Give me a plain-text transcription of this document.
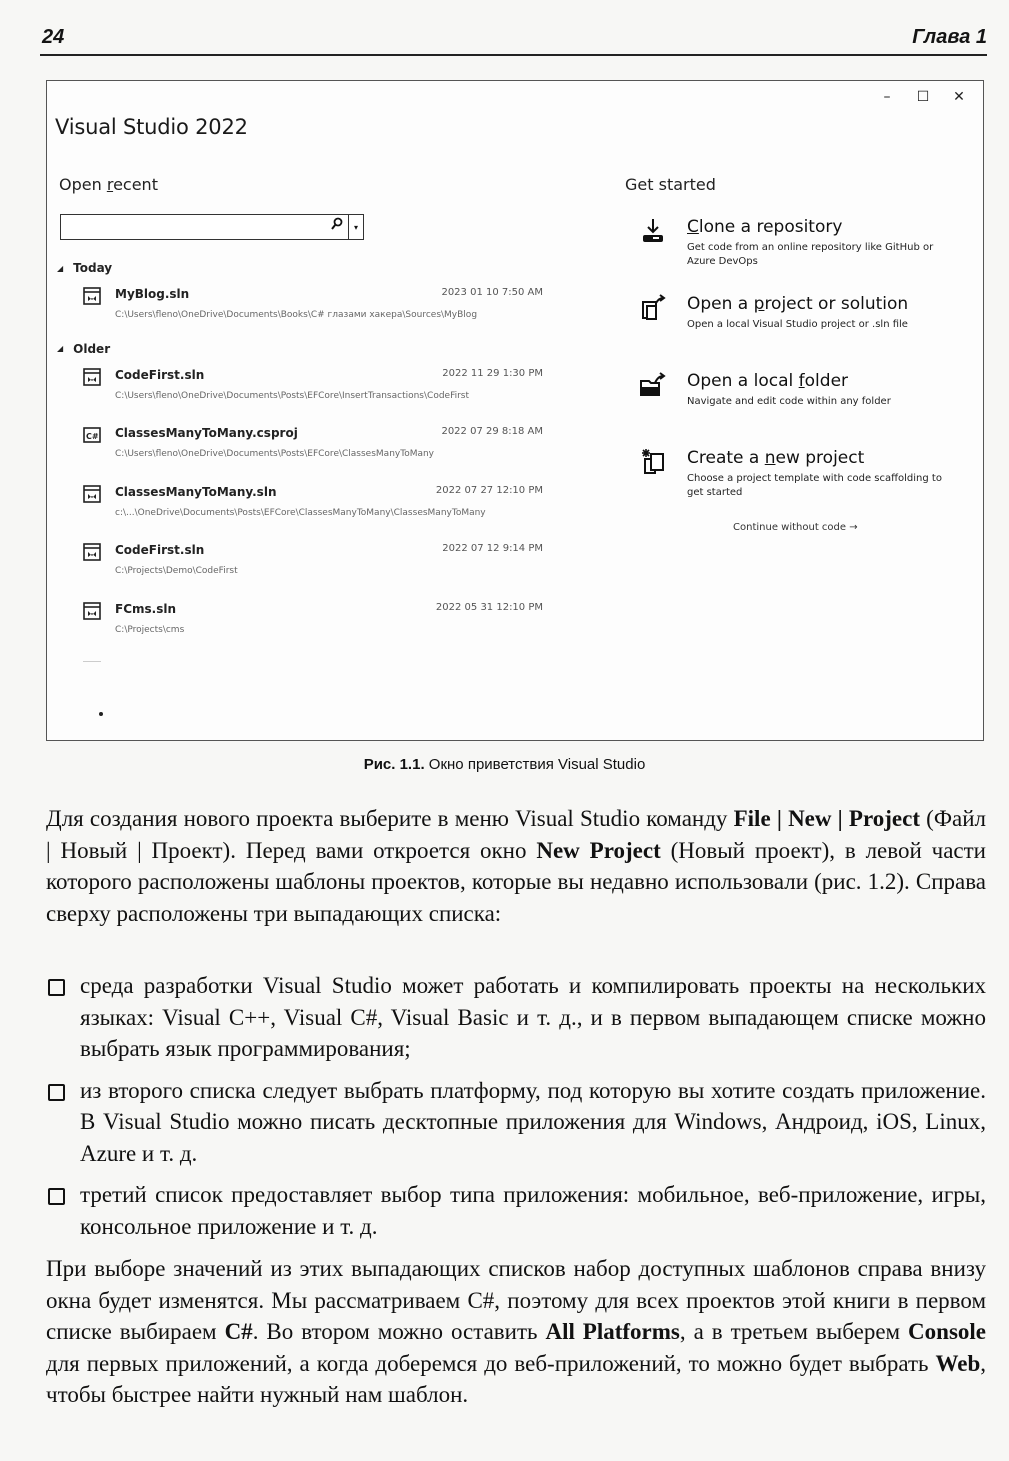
24	Глава 1
–	☐	✕
Visual Studio 2022
Open recent
▾
Get started
Continue without code →
◢ Today
MyBlog.sln	2023 01 10 7:50 AM
C:\Users\fleno\OneDrive\Documents\Books\C# глазами хакера\Sources\MyBlog
◢ Older
CodeFirst.sln	2022 11 29 1:30 PM
C:\Users\fleno\OneDrive\Documents\Posts\EFCore\InsertTransactions\CodeFirst
C# ClassesManyToMany.csproj	2022 07 29 8:18 AM
C:\Users\fleno\OneDrive\Documents\Posts\EFCore\ClassesManyToMany
ClassesManyToMany.sln	2022 07 27 12:10 PM
c:\...\OneDrive\Documents\Posts\EFCore\ClassesManyToMany\ClassesManyToMany
CodeFirst.sln	2022 07 12 9:14 PM
C:\Projects\Demo\CodeFirst
FCms.sln	2022 05 31 12:10 PM
C:\Projects\cms
Clone a repository
Get code from an online repository like GitHub or Azure DevOps
Open a project or solution
Open a local Visual Studio project or .sln file
Open a local folder
Navigate and edit code within any folder
Create a new project
Choose a project template with code scaffolding to get started
Рис. 1.1. Окно приветствия Visual Studio

Для создания нового проекта выберите в меню Visual Studio команду File | New | Project (Файл | Новый | Проект). Перед вами откроется окно New Project (Новый проект), в левой части которого расположены шаблоны проектов, которые вы недавно использовали (рис. 1.2). Справа сверху расположены три выпадающих списка:

среда разработки Visual Studio может работать и компилировать проекты на нескольких языках: Visual C++, Visual C#, Visual Basic и т. д., и в первом выпадающем списке можно выбрать язык программирования;
из второго списка следует выбрать платформу, под которую вы хотите создать приложение. В Visual Studio можно писать десктопные приложения для Windows, Андроид, iOS, Linux, Azure и т. д.
третий список предоставляет выбор типа приложения: мобильное, веб-приложение, игры, консольное приложение и т. д.

При выборе значений из этих выпадающих списков набор доступных шаблонов справа внизу окна будет изменятся. Мы рассматриваем C#, поэтому для всех проектов этой книги в первом списке выбираем C#. Во втором можно оставить All Platforms, а в третьем выберем Console для первых приложений, а когда доберемся до веб-приложений, то можно будет выбрать Web, чтобы быстрее найти нужный нам шаблон.
